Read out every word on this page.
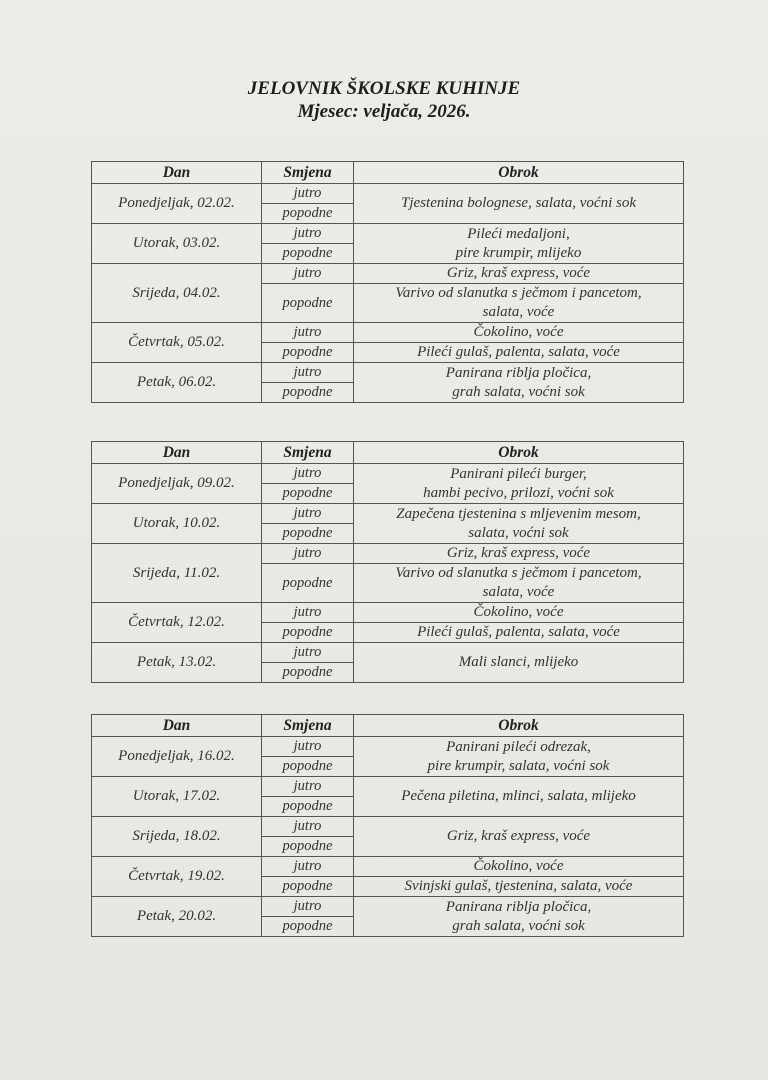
JELOVNIK ŠKOLSKE KUHINJE
Mjesec: veljača, 2026.
Dan	Smjena	Obrok
Ponedjeljak, 02.02.	jutro	Tjestenina bolognese, salata, voćni sok
	popodne	
Utorak, 03.02.	jutro	Pileći medaljoni,
pire krumpir, mlijeko
	popodne	
Srijeda, 04.02.	jutro	Griz, kraš express, voće
	popodne	Varivo od slanutka s ječmom i pancetom,
salata, voće
Četvrtak, 05.02.	jutro	Čokolino, voće
	popodne	Pileći gulaš, palenta, salata, voće
Petak, 06.02.	jutro	Panirana riblja pločica,
grah salata, voćni sok
	popodne	
Dan	Smjena	Obrok
Ponedjeljak, 09.02.	jutro	Panirani pileći burger,
hambi pecivo, prilozi, voćni sok
	popodne	
Utorak, 10.02.	jutro	Zapečena tjestenina s mljevenim mesom,
salata, voćni sok
	popodne	
Srijeda, 11.02.	jutro	Griz, kraš express, voće
	popodne	Varivo od slanutka s ječmom i pancetom,
salata, voće
Četvrtak, 12.02.	jutro	Čokolino, voće
	popodne	Pileći gulaš, palenta, salata, voće
Petak, 13.02.	jutro	Mali slanci, mlijeko
	popodne	
Dan	Smjena	Obrok
Ponedjeljak, 16.02.	jutro	Panirani pileći odrezak,
pire krumpir, salata, voćni sok
	popodne	
Utorak, 17.02.	jutro	Pečena piletina, mlinci, salata, mlijeko
	popodne	
Srijeda, 18.02.	jutro	Griz, kraš express, voće
	popodne	
Četvrtak, 19.02.	jutro	Čokolino, voće
	popodne	Svinjski gulaš, tjestenina, salata, voće
Petak, 20.02.	jutro	Panirana riblja pločica,
grah salata, voćni sok
	popodne	
